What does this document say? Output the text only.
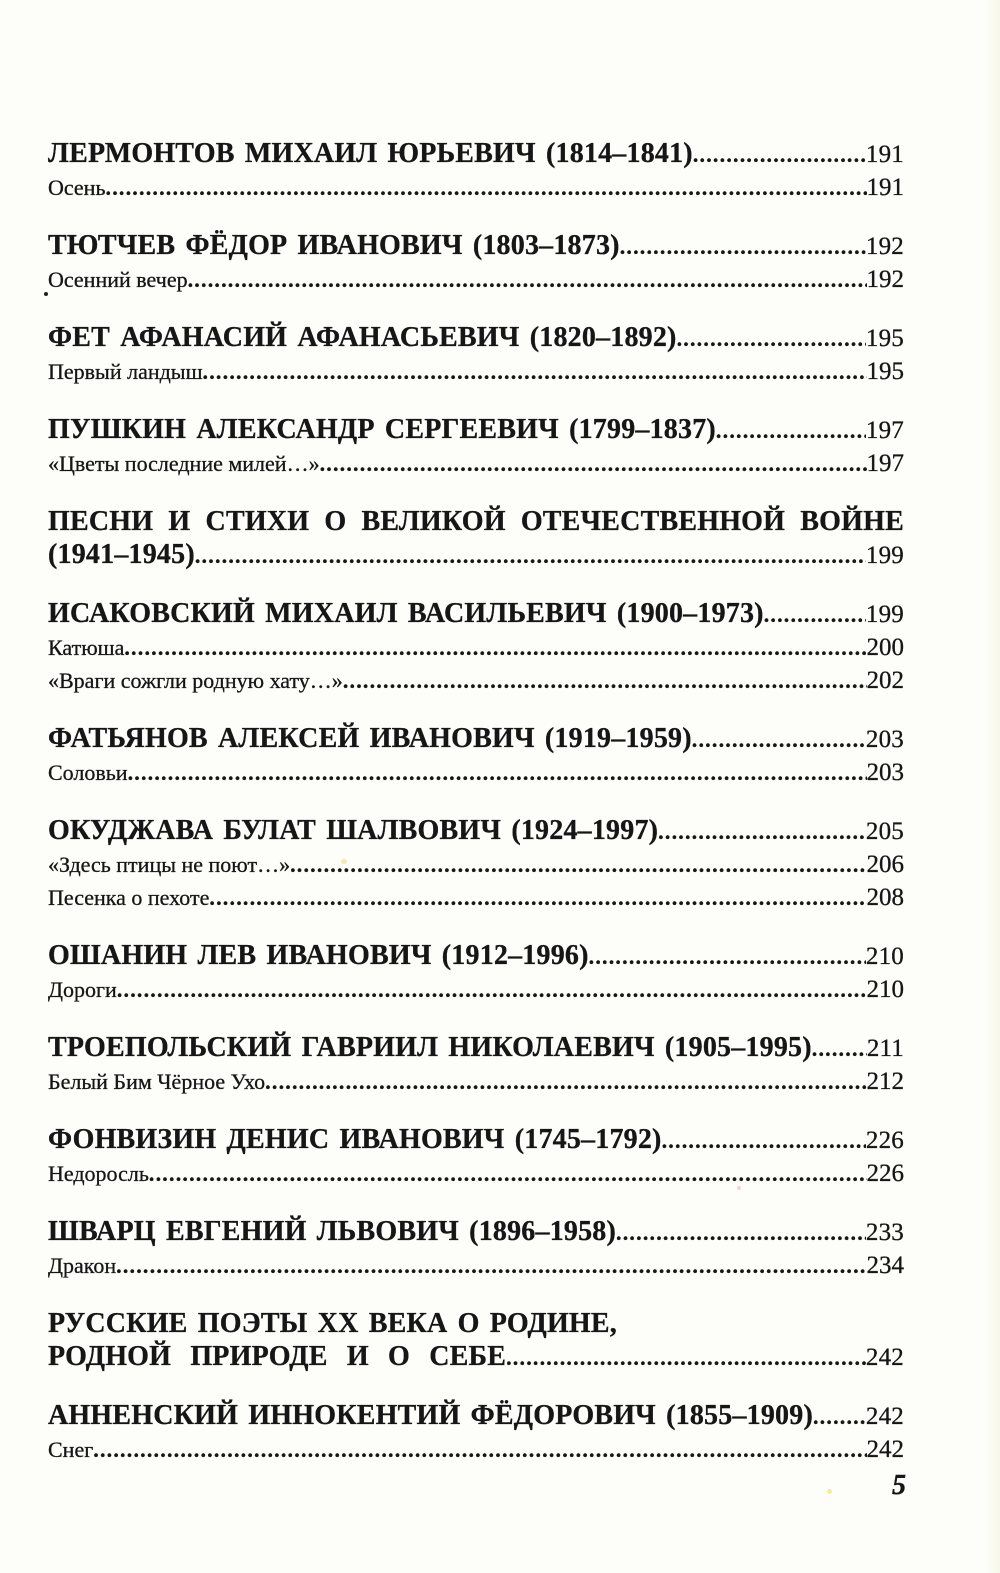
ЛЕРМОНТОВ МИХАИЛ ЮРЬЕВИЧ (1814–1841) .....	191
Осень .....	191
ТЮТЧЕВ ФЁДОР ИВАНОВИЧ (1803–1873) .....	192
Осенний вечер .....	192
ФЕТ АФАНАСИЙ АФАНАСЬЕВИЧ (1820–1892) .....	195
Первый ландыш .....	195
ПУШКИН АЛЕКСАНДР СЕРГЕЕВИЧ (1799–1837) .....	197
«Цветы последние милей…» .....	197
ПЕСНИ И СТИХИ О ВЕЛИКОЙ ОТЕЧЕСТВЕННОЙ ВОЙНЕ
(1941–1945) .....	199
ИСАКОВСКИЙ МИХАИЛ ВАСИЛЬЕВИЧ (1900–1973) .....	199
Катюша .....	200
«Враги сожгли родную хату…» .....	202
ФАТЬЯНОВ АЛЕКСЕЙ ИВАНОВИЧ (1919–1959) .....	203
Соловьи .....	203
ОКУДЖАВА БУЛАТ ШАЛВОВИЧ (1924–1997) .....	205
«Здесь птицы не поют…» .....	206
Песенка о пехоте .....	208
ОШАНИН ЛЕВ ИВАНОВИЧ (1912–1996) .....	210
Дороги .....	210
ТРОЕПОЛЬСКИЙ ГАВРИИЛ НИКОЛАЕВИЧ (1905–1995) ..... 211
Белый Бим Чёрное Ухо .....	212
ФОНВИЗИН ДЕНИС ИВАНОВИЧ (1745–1792) .....	226
Недоросль .....	226
ШВАРЦ ЕВГЕНИЙ ЛЬВОВИЧ (1896–1958) .....	233
Дракон .....	234
РУССКИЕ ПОЭТЫ XX ВЕКА О РОДИНЕ,
РОДНОЙ ПРИРОДЕ И О СЕБЕ .....	242
АННЕНСКИЙ ИННОКЕНТИЙ ФЁДОРОВИЧ (1855–1909) ..... 242
Снег .....	242
5
